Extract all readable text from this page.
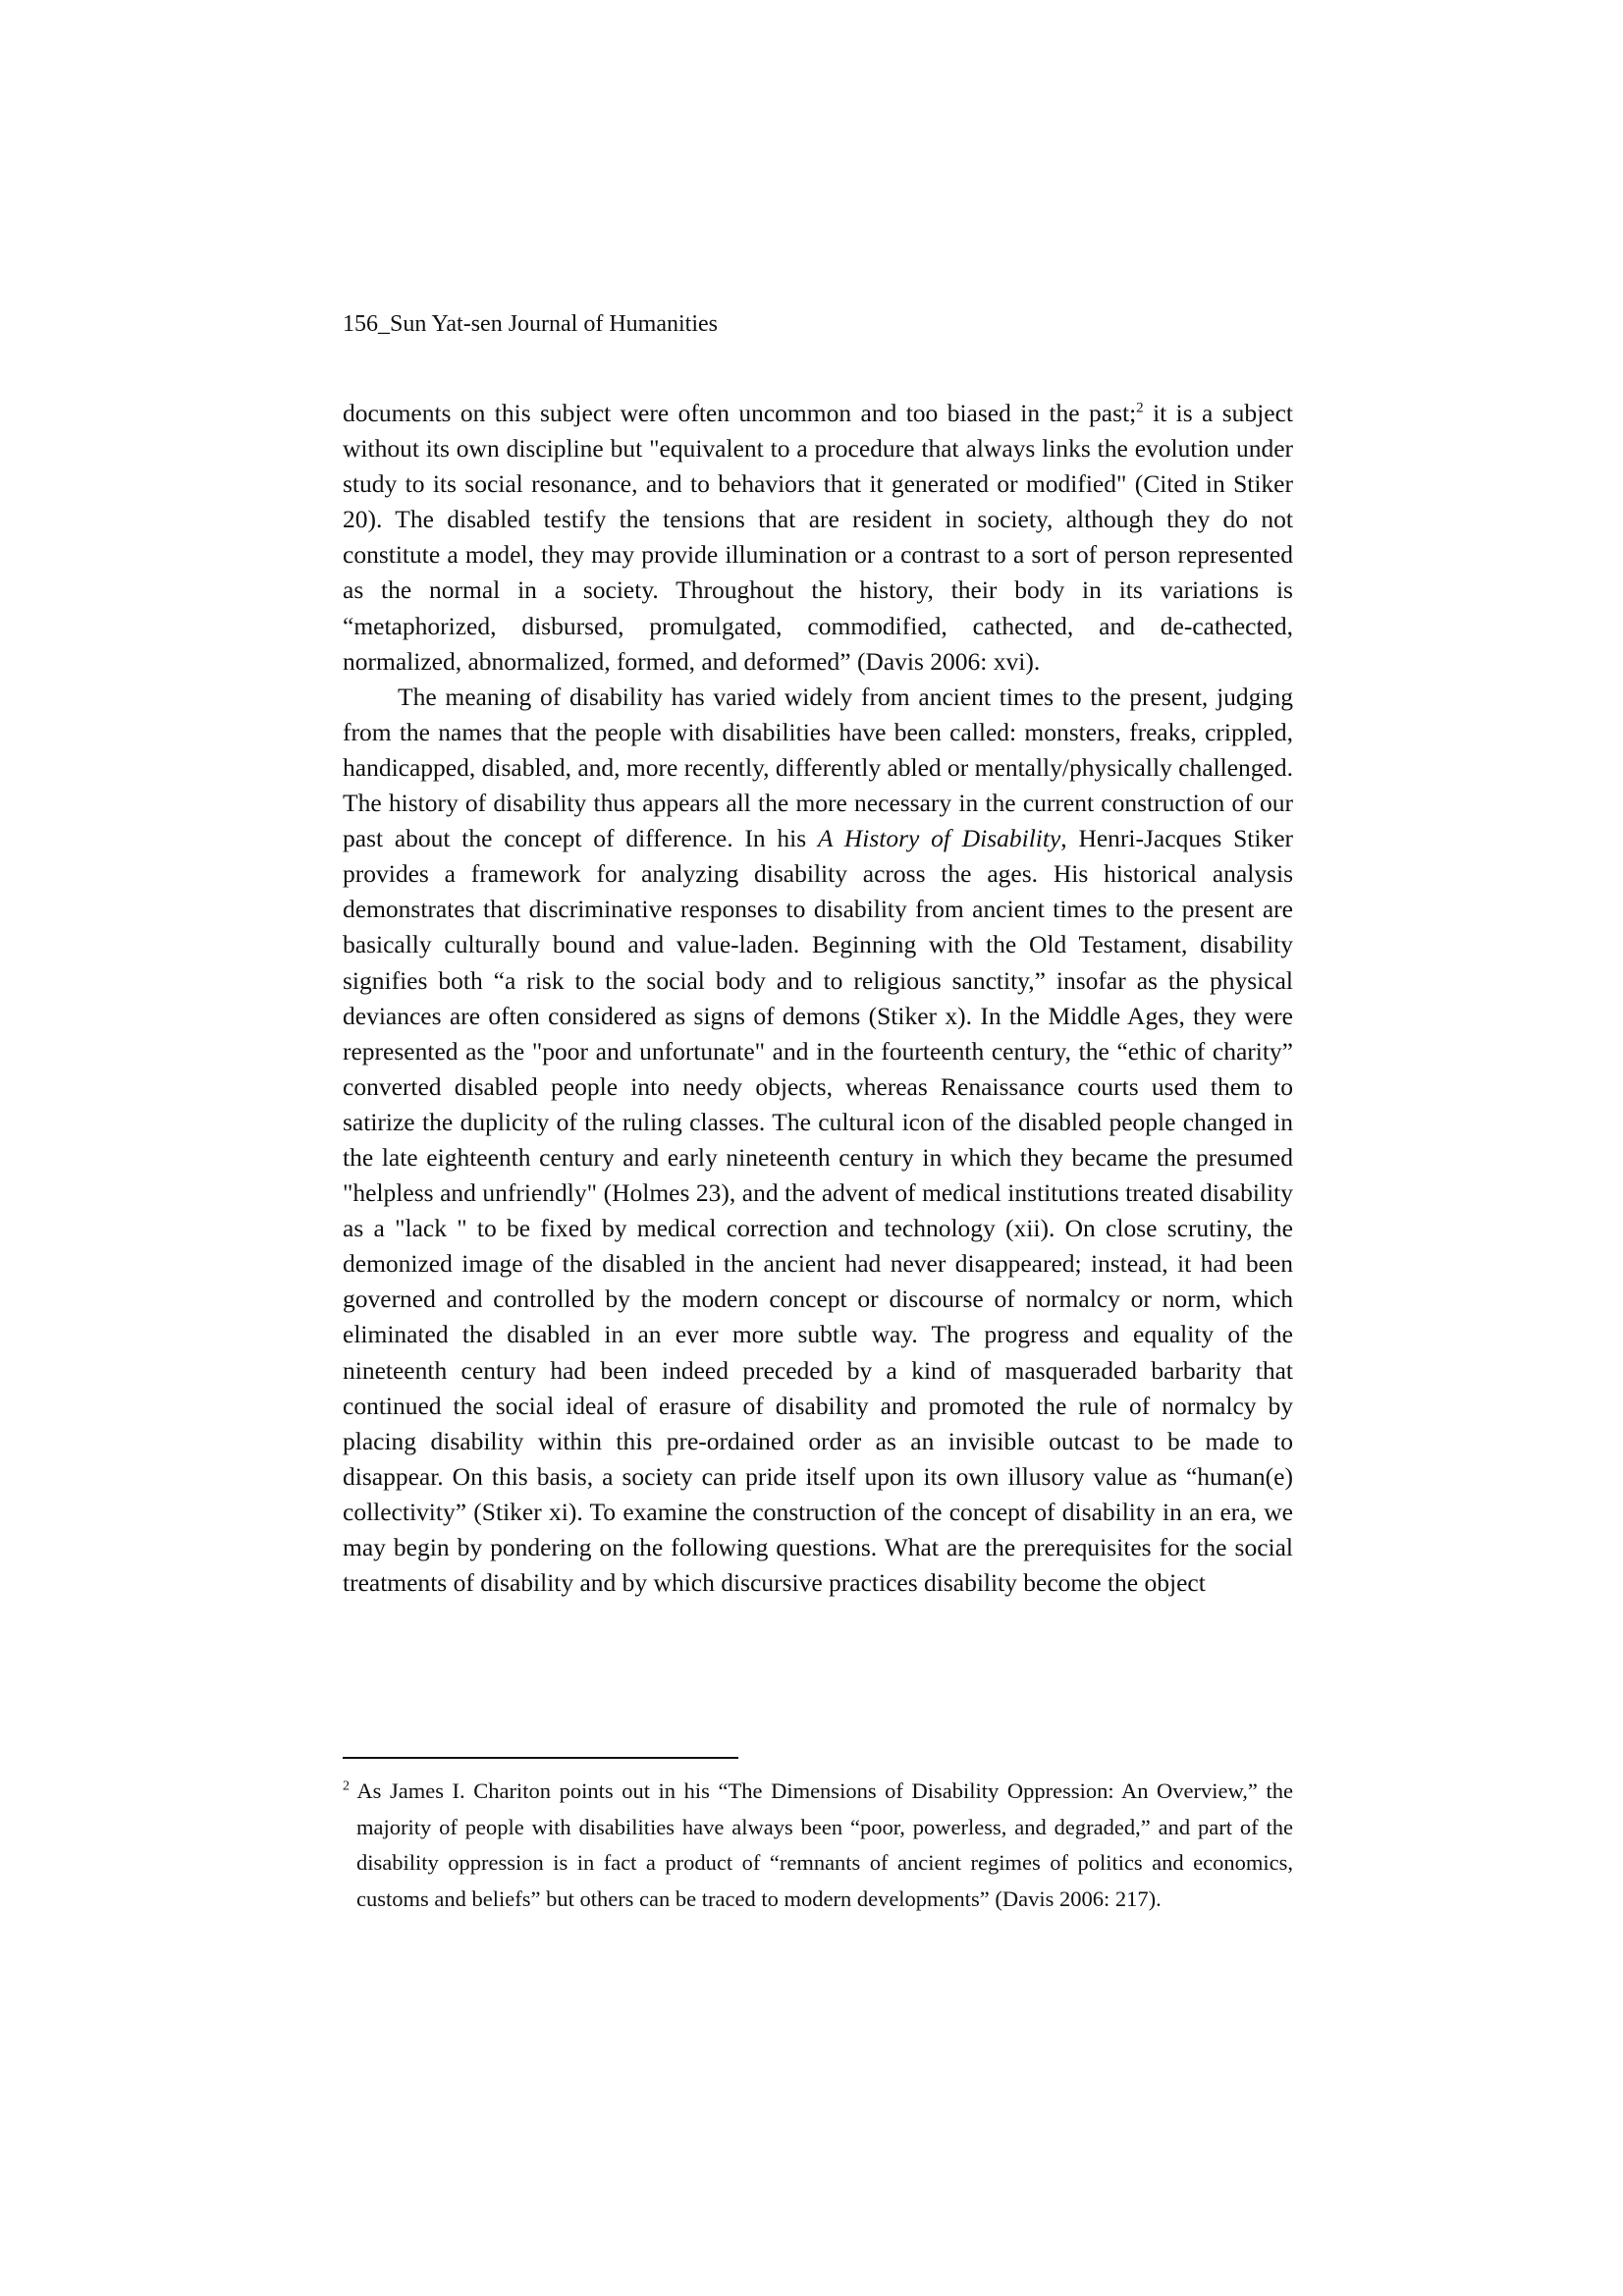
156_Sun Yat-sen Journal of Humanities

documents on this subject were often uncommon and too biased in the past;$^2$ it is a subject without its own discipline but "equivalent to a procedure that always links the evolution under study to its social resonance, and to behaviors that it generated or modified" (Cited in Stiker 20). The disabled testify the tensions that are resident in society, although they do not constitute a model, they may provide illumination or a contrast to a sort of person represented as the normal in a society. Throughout the history, their body in its variations is “metaphorized, disbursed, promulgated, commodified, cathected, and de-cathected, normalized, abnormalized, formed, and deformed” (Davis 2006: xvi).

The meaning of disability has varied widely from ancient times to the present, judging from the names that the people with disabilities have been called: monsters, freaks, crippled, handicapped, disabled, and, more recently, differently abled or mentally/physically challenged. The history of disability thus appears all the more necessary in the current construction of our past about the concept of difference. In his A History of Disability, Henri-Jacques Stiker provides a framework for analyzing disability across the ages. His historical analysis demonstrates that discriminative responses to disability from ancient times to the present are basically culturally bound and value-laden. Beginning with the Old Testament, disability signifies both “a risk to the social body and to religious sanctity,” insofar as the physical deviances are often considered as signs of demons (Stiker x). In the Middle Ages, they were represented as the "poor and unfortunate" and in the fourteenth century, the “ethic of charity” converted disabled people into needy objects, whereas Renaissance courts used them to satirize the duplicity of the ruling classes. The cultural icon of the disabled people changed in the late eighteenth century and early nineteenth century in which they became the presumed "helpless and unfriendly" (Holmes 23), and the advent of medical institutions treated disability as a "lack " to be fixed by medical correction and technology (xii). On close scrutiny, the demonized image of the disabled in the ancient had never disappeared; instead, it had been governed and controlled by the modern concept or discourse of normalcy or norm, which eliminated the disabled in an ever more subtle way. The progress and equality of the nineteenth century had been indeed preceded by a kind of masqueraded barbarity that continued the social ideal of erasure of disability and promoted the rule of normalcy by placing disability within this pre-ordained order as an invisible outcast to be made to disappear. On this basis, a society can pride itself upon its own illusory value as “human(e) collectivity” (Stiker xi). To examine the construction of the concept of disability in an era, we may begin by pondering on the following questions. What are the prerequisites for the social treatments of disability and by which discursive practices disability become the object

$^2$ As James I. Chariton points out in his “The Dimensions of Disability Oppression: An Overview,” the majority of people with disabilities have always been “poor, powerless, and degraded,” and part of the disability oppression is in fact a product of “remnants of ancient regimes of politics and economics, customs and beliefs” but others can be traced to modern developments” (Davis 2006: 217).
